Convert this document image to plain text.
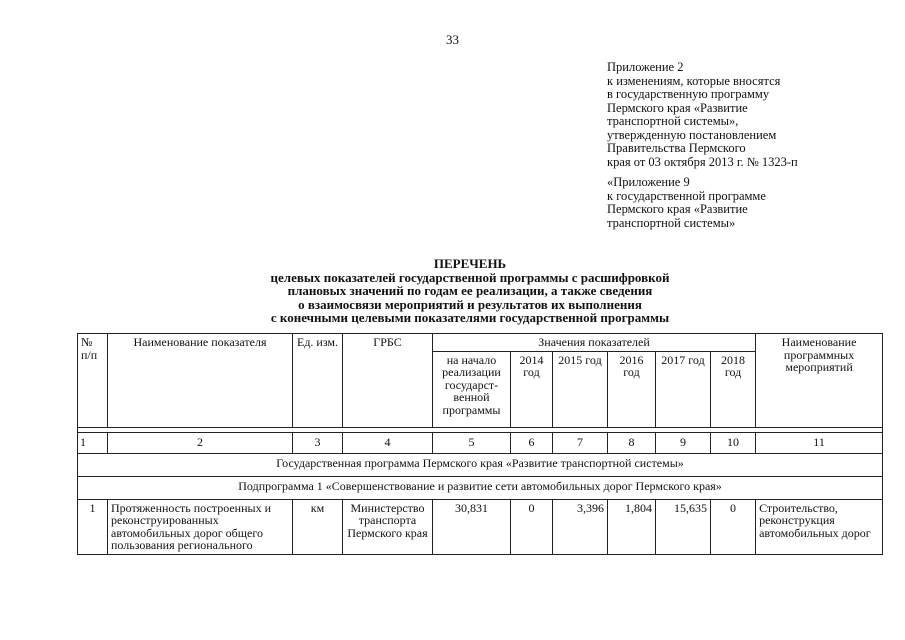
33
Приложение 2
к изменениям, которые вносятся
в государственную программу
Пермского края «Развитие
транспортной системы»,
утвержденную постановлением
Правительства Пермского
края от 03 октября 2013 г. № 1323-п
«Приложение 9
к государственной программе
Пермского края «Развитие
транспортной системы»
ПЕРЕЧЕНЬ
целевых показателей государственной программы с расшифровкой
плановых значений по годам ее реализации, а также сведения
о взаимосвязи мероприятий и результатов их выполнения
с конечными целевыми показателями государственной программы
№ п/п	Наименование показателя	Ед. изм.	ГРБС	Значения показателей						Наименование программных мероприятий
				на начало реализации государст-венной программы	2014 год	2015 год	2016 год	2017 год	2018 год	

1	2	3	4	5	6	7	8	9	10	11
Государственная программа Пермского края «Развитие транспортной системы»										
Подпрограмма 1 «Совершенствование и развитие сети автомобильных дорог Пермского края»										
1	Протяженность построенных и реконструированных автомобильных дорог общего пользования регионального	км	Министерство транспорта Пермского края	30,831	0	3,396	1,804	15,635	0	Строительство, реконструкция автомобильных дорог
